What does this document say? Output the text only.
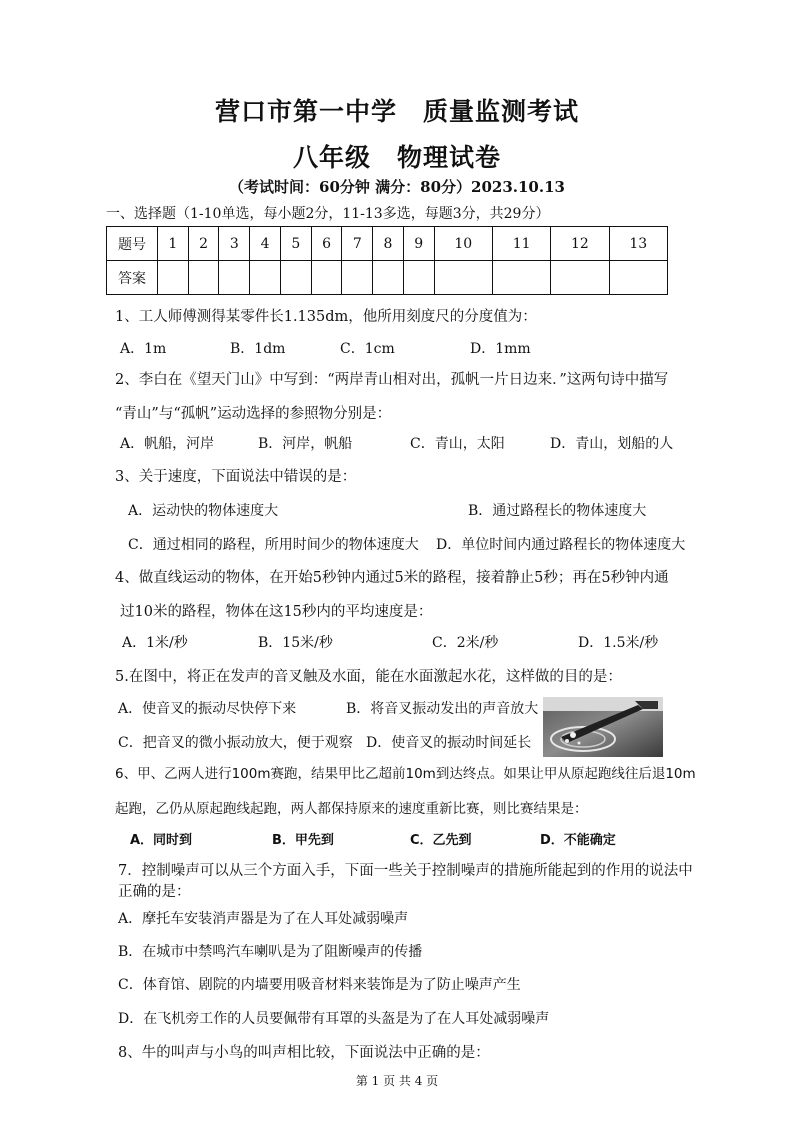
营口市第一中学　质量监测考试
八年级　物理试卷
（考试时间：60分钟 满分：80分）2023.10.13
一、选择题（1-10单选，每小题2分，11-13多选，每题3分，共29分）
题号	1	2	3	4	5	6	7	8	9	10	11	12	13
答案													
1、工人师傅测得某零件长1.135dm，他所用刻度尺的分度值为：
A．1m	B．1dm	C．1cm	D．1mm
2、李白在《望天门山》中写到：“两岸青山相对出，孤帆一片日边来．”这两句诗中描写
“青山”与“孤帆”运动选择的参照物分别是：
A．帆船，河岸	B．河岸，帆船	C．青山，太阳	D．青山，划船的人
3、关于速度，下面说法中错误的是：
A．运动快的物体速度大	B．通过路程长的物体速度大
C．通过相同的路程，所用时间少的物体速度大 D．单位时间内通过路程长的物体速度大
4、做直线运动的物体，在开始5秒钟内通过5米的路程，接着静止5秒；再在5秒钟内通
过10米的路程，物体在这15秒内的平均速度是：
A．1米/秒	B．15米/秒	C．2米/秒	D．1.5米/秒
5.在图中，将正在发声的音叉触及水面，能在水面激起水花，这样做的目的是：
A．使音叉的振动尽快停下来	B．将音叉振动发出的声音放大
C．把音叉的微小振动放大，便于观察 D．使音叉的振动时间延长
6、甲、乙两人进行100m赛跑，结果甲比乙超前10m到达终点。如果让甲从原起跑线往后退10m
起跑，乙仍从原起跑线起跑，两人都保持原来的速度重新比赛，则比赛结果是：
A．同时到	B．甲先到	C．乙先到	D．不能确定
7．控制噪声可以从三个方面入手，下面一些关于控制噪声的措施所能起到的作用的说法中
正确的是：
A．摩托车安装消声器是为了在人耳处减弱噪声
B．在城市中禁鸣汽车喇叭是为了阻断噪声的传播
C．体育馆、剧院的内墙要用吸音材料来装饰是为了防止噪声产生
D．在飞机旁工作的人员要佩带有耳罩的头盔是为了在人耳处减弱噪声
8、牛的叫声与小鸟的叫声相比较，下面说法中正确的是：
第 1 页 共 4 页
